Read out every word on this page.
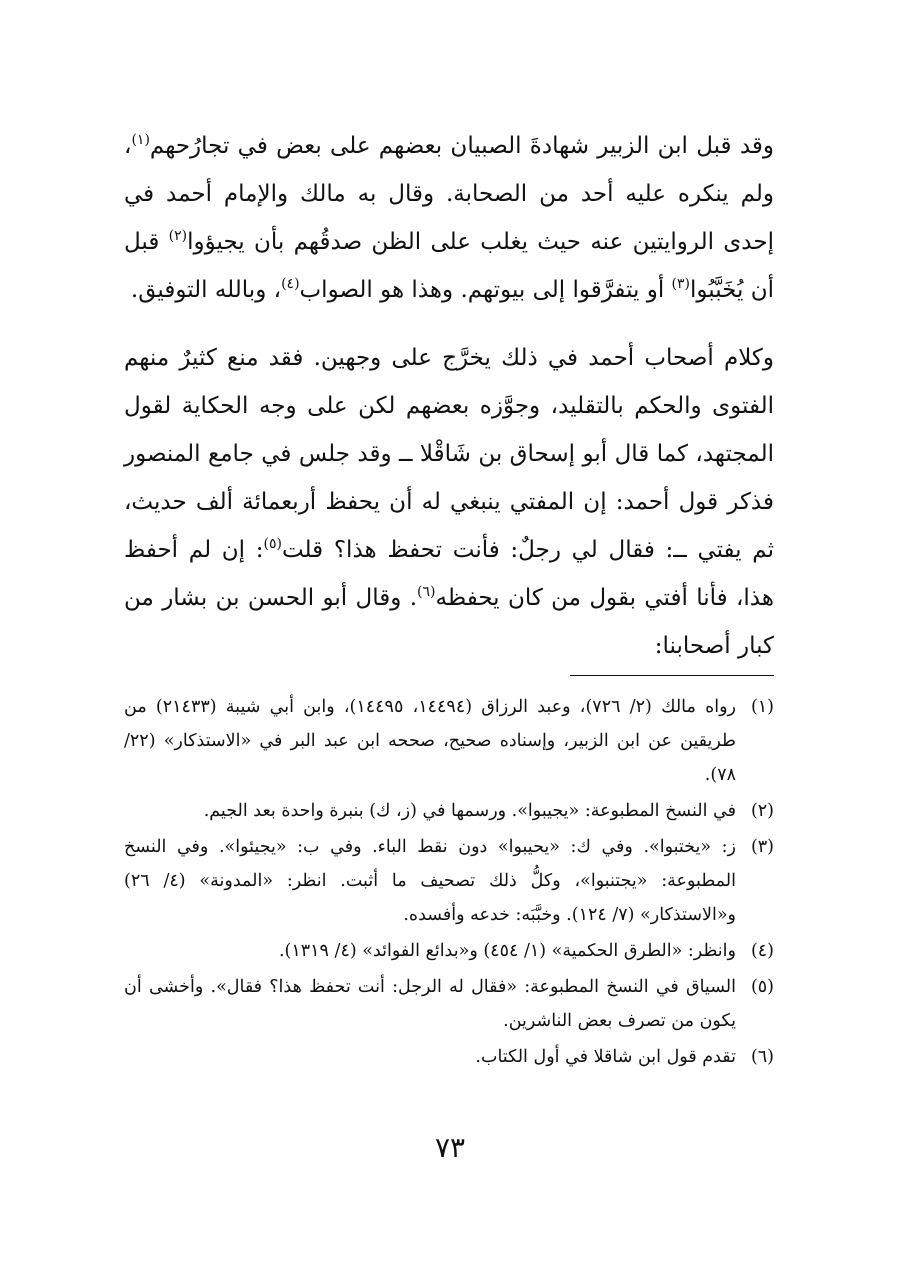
وقد قبل ابن الزبير شهادةَ الصبيان بعضهم على بعض في تجارُحهم$^{(١)}$، ولم ينكره عليه أحد من الصحابة. وقال به مالك والإمام أحمد في إحدى الروايتين عنه حيث يغلب على الظن صدقُهم بأن يجيؤوا$^{(٢)}$ قبل أن يُخَبَّبُوا$^{(٣)}$ أو يتفرَّقوا إلى بيوتهم. وهذا هو الصواب$^{(٤)}$، وبالله التوفيق.

وكلام أصحاب أحمد في ذلك يخرَّج على وجهين. فقد منع كثيرٌ منهم الفتوى والحكم بالتقليد، وجوَّزه بعضهم لكن على وجه الحكاية لقول المجتهد، كما قال أبو إسحاق بن شَاقْلا ــ وقد جلس في جامع المنصور فذكر قول أحمد: إن المفتي ينبغي له أن يحفظ أربعمائة ألف حديث، ثم يفتي ــ: فقال لي رجلٌ: فأنت تحفظ هذا؟ قلت$^{(٥)}$: إن لم أحفظ هذا، فأنا أفتي بقول من كان يحفظه$^{(٦)}$. وقال أبو الحسن بن بشار من كبار أصحابنا:

(١)
رواه مالك (٢/ ٧٢٦)، وعبد الرزاق (١٤٤٩٤، ١٤٤٩٥)، وابن أبي شيبة (٢١٤٣٣) من طريقين عن ابن الزبير، وإسناده صحيح، صححه ابن عبد البر في «الاستذكار» (٢٢/ ٧٨).
(٢)
في النسخ المطبوعة: «يجيبوا». ورسمها في (ز، ك) بنبرة واحدة بعد الجيم.
(٣)
ز: «يختبوا». وفي ك: «يحيبوا» دون نقط الباء. وفي ب: «يجيئوا». وفي النسخ المطبوعة: «يجتنبوا»، وكلُّ ذلك تصحيف ما أثبت. انظر: «المدونة» (٤/ ٢٦) و«الاستذكار» (٧/ ١٢٤). وخبَّبَه: خدعه وأفسده.
(٤)
وانظر: «الطرق الحكمية» (١/ ٤٥٤) و«بدائع الفوائد» (٤/ ١٣١٩).
(٥)
السياق في النسخ المطبوعة: «فقال له الرجل: أنت تحفظ هذا؟ فقال». وأخشى أن يكون من تصرف بعض الناشرين.
(٦)
تقدم قول ابن شاقلا في أول الكتاب.
٧٣
